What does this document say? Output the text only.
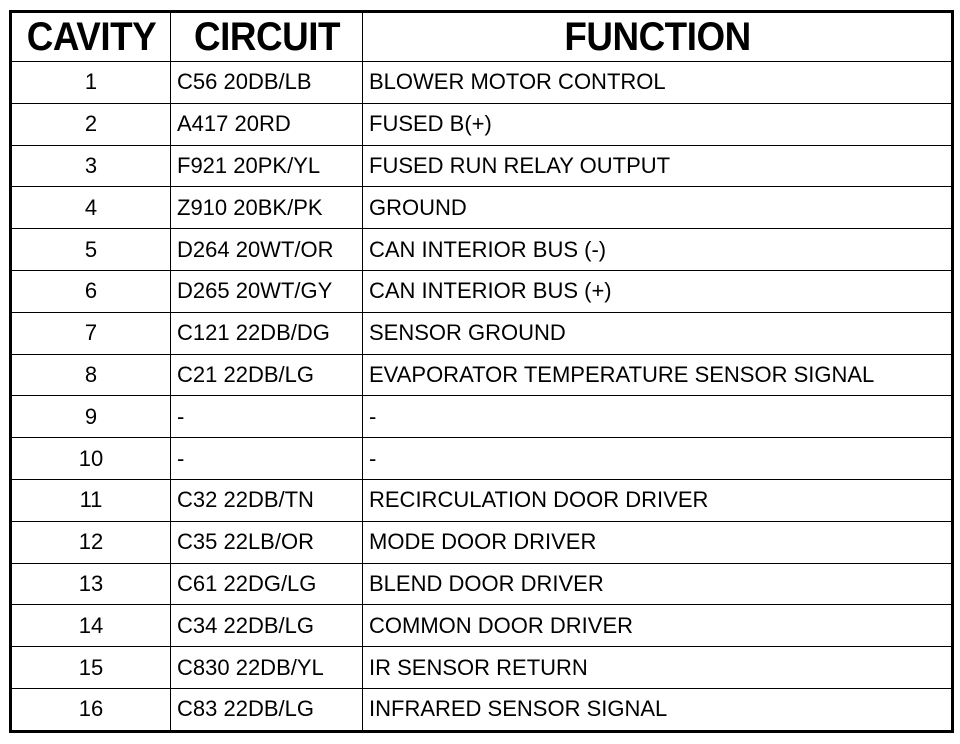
CAVITY	CIRCUIT	FUNCTION
1	C56 20DB/LB	BLOWER MOTOR CONTROL
2	A417 20RD	FUSED B(+)
3	F921 20PK/YL	FUSED RUN RELAY OUTPUT
4	Z910 20BK/PK	GROUND
5	D264 20WT/OR	CAN INTERIOR BUS (-)
6	D265 20WT/GY	CAN INTERIOR BUS (+)
7	C121 22DB/DG	SENSOR GROUND
8	C21 22DB/LG	EVAPORATOR TEMPERATURE SENSOR SIGNAL
9	-	-
10	-	-
11	C32 22DB/TN	RECIRCULATION DOOR DRIVER
12	C35 22LB/OR	MODE DOOR DRIVER
13	C61 22DG/LG	BLEND DOOR DRIVER
14	C34 22DB/LG	COMMON DOOR DRIVER
15	C830 22DB/YL	IR SENSOR RETURN
16	C83 22DB/LG	INFRARED SENSOR SIGNAL
